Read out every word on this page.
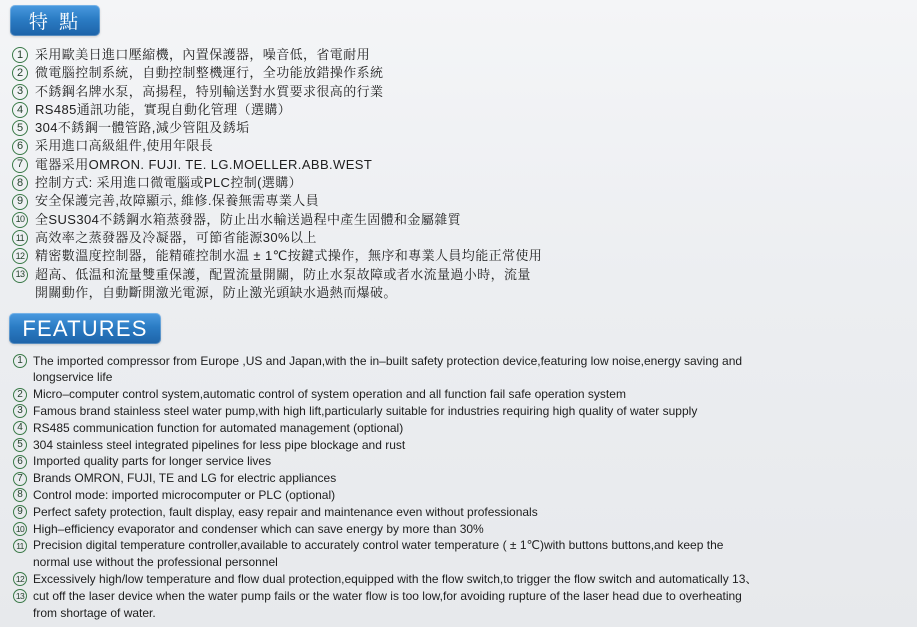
特 點
1 采用歐美日進口壓縮機，內置保護器，噪音低，省電耐用
2 微電腦控制系統，自動控制整機運行，全功能放錯操作系統
3 不銹鋼名牌水泵，高揚程，特别輸送對水質要求很高的行業
4 RS485通訊功能，實現自動化管理（選購）
5 304不銹鋼一體管路,減少管阻及銹垢
6 采用進口高級組件,使用年限長
7 電器采用OMRON. FUJI. TE. LG.MOELLER.ABB.WEST
8 控制方式: 采用進口微電腦或PLC控制(選購）
9 安全保護完善,故障顯示, 維修.保養無需專業人員
10 全SUS304不銹鋼水箱蒸發器，防止出水輸送過程中產生固體和金屬雜質
11 高效率之蒸發器及冷凝器，可節省能源30%以上
12 精密數溫度控制器，能精確控制水温 ± 1℃按鍵式操作，無序和專業人員均能正常使用
13 超高、低温和流量雙重保護，配置流量開關，防止水泵故障或者水流量過小時，流量
開關動作，自動斷開激光電源，防止激光頭缺水過熱而爆破。
FEATURES
1 The imported compressor from Europe ,US and Japan,with the in–built safety protection device,featuring low noise,energy saving and
longservice life
2 Micro–computer control system,automatic control of system operation and all function fail safe operation system
3 Famous brand stainless steel water pump,with high lift,particularly suitable for industries requiring high quality of water supply
4 RS485 communication function for automated management (optional)
5 304 stainless steel integrated pipelines for less pipe blockage and rust
6 Imported quality parts for longer service lives
7 Brands OMRON, FUJI, TE and LG for electric appliances
8 Control mode: imported microcomputer or PLC (optional)
9 Perfect safety protection, fault display, easy repair and maintenance even without professionals
10 High–efficiency evaporator and condenser which can save energy by more than 30%
11 Precision digital temperature controller,available to accurately control water temperature ( ± 1℃)with buttons buttons,and keep the
normal use without the professional personnel
12 Excessively high/low temperature and flow dual protection,equipped with the flow switch,to trigger the flow switch and automatically 13、
13 cut off the laser device when the water pump fails or the water flow is too low,for avoiding rupture of the laser head due to overheating
from shortage of water.
